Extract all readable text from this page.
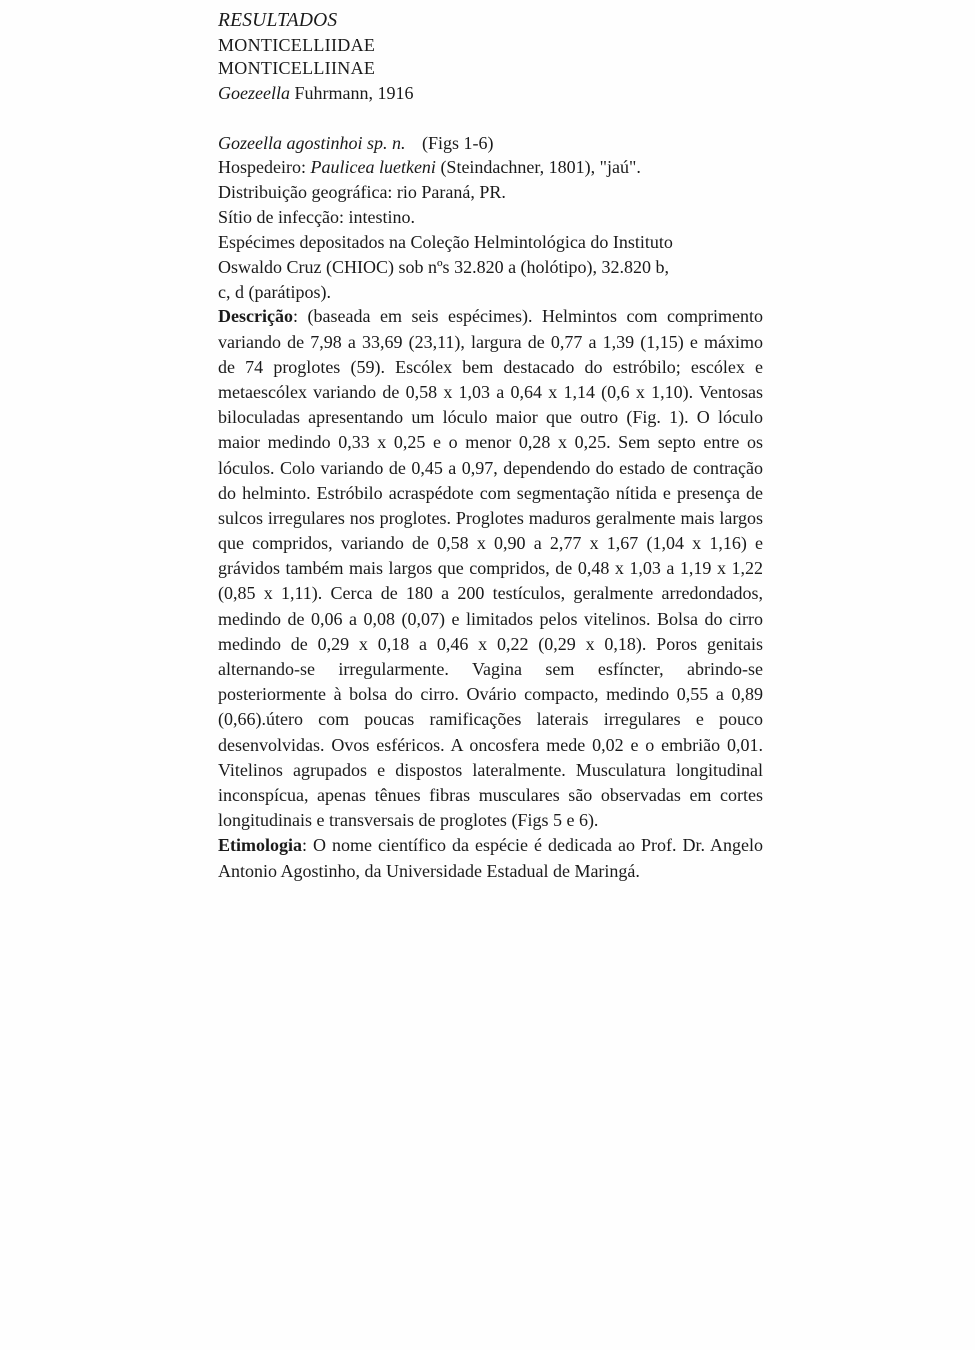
RESULTADOS
MONTICELLIIDAE
MONTICELLIINAE
Goezeella Fuhrmann, 1916
Gozeella agostinhoi sp. n. (Figs 1-6)
Hospedeiro: Paulicea luetkeni (Steindachner, 1801), "jaú".
Distribuição geográfica: rio Paraná, PR.
Sítio de infecção: intestino.
Espécimes depositados na Coleção Helmintológica do Instituto
Oswaldo Cruz (CHIOC) sob nºs 32.820 a (holótipo), 32.820 b,
c, d (parátipos).
Descrição: (baseada em seis espécimes). Helmintos com comprimento variando de 7,98 a 33,69 (23,11), largura de 0,77 a 1,39 (1,15) e máximo de 74 proglotes (59). Escólex bem destacado do estróbilo; escólex e metaescólex variando de 0,58 x 1,03 a 0,64 x 1,14 (0,6 x 1,10). Ventosas biloculadas apresentando um lóculo maior que outro (Fig. 1). O lóculo maior medindo 0,33 x 0,25 e o menor 0,28 x 0,25. Sem septo entre os lóculos. Colo variando de 0,45 a 0,97, dependendo do estado de contração do helminto. Estróbilo acraspédote com segmentação nítida e presença de sulcos irregulares nos proglotes. Proglotes maduros geralmente mais largos que compridos, variando de 0,58 x 0,90 a 2,77 x 1,67 (1,04 x 1,16) e grávidos também mais largos que compridos, de 0,48 x 1,03 a 1,19 x 1,22 (0,85 x 1,11). Cerca de 180 a 200 testículos, geralmente arredondados, medindo de 0,06 a 0,08 (0,07) e limitados pelos vitelinos. Bolsa do cirro medindo de 0,29 x 0,18 a 0,46 x 0,22 (0,29 x 0,18). Poros genitais alternando-se irregularmente. Vagina sem esfíncter, abrindo-se posteriormente à bolsa do cirro. Ovário compacto, medindo 0,55 a 0,89 (0,66).útero com poucas ramificações laterais irregulares e pouco desenvolvidas. Ovos esféricos. A oncosfera mede 0,02 e o embrião 0,01. Vitelinos agrupados e dispostos lateralmente. Musculatura longitudinal inconspícua, apenas tênues fibras musculares são observadas em cortes longitudinais e transversais de proglotes (Figs 5 e 6).
Etimologia: O nome científico da espécie é dedicada ao Prof. Dr. Angelo Antonio Agostinho, da Universidade Estadual de Maringá.
